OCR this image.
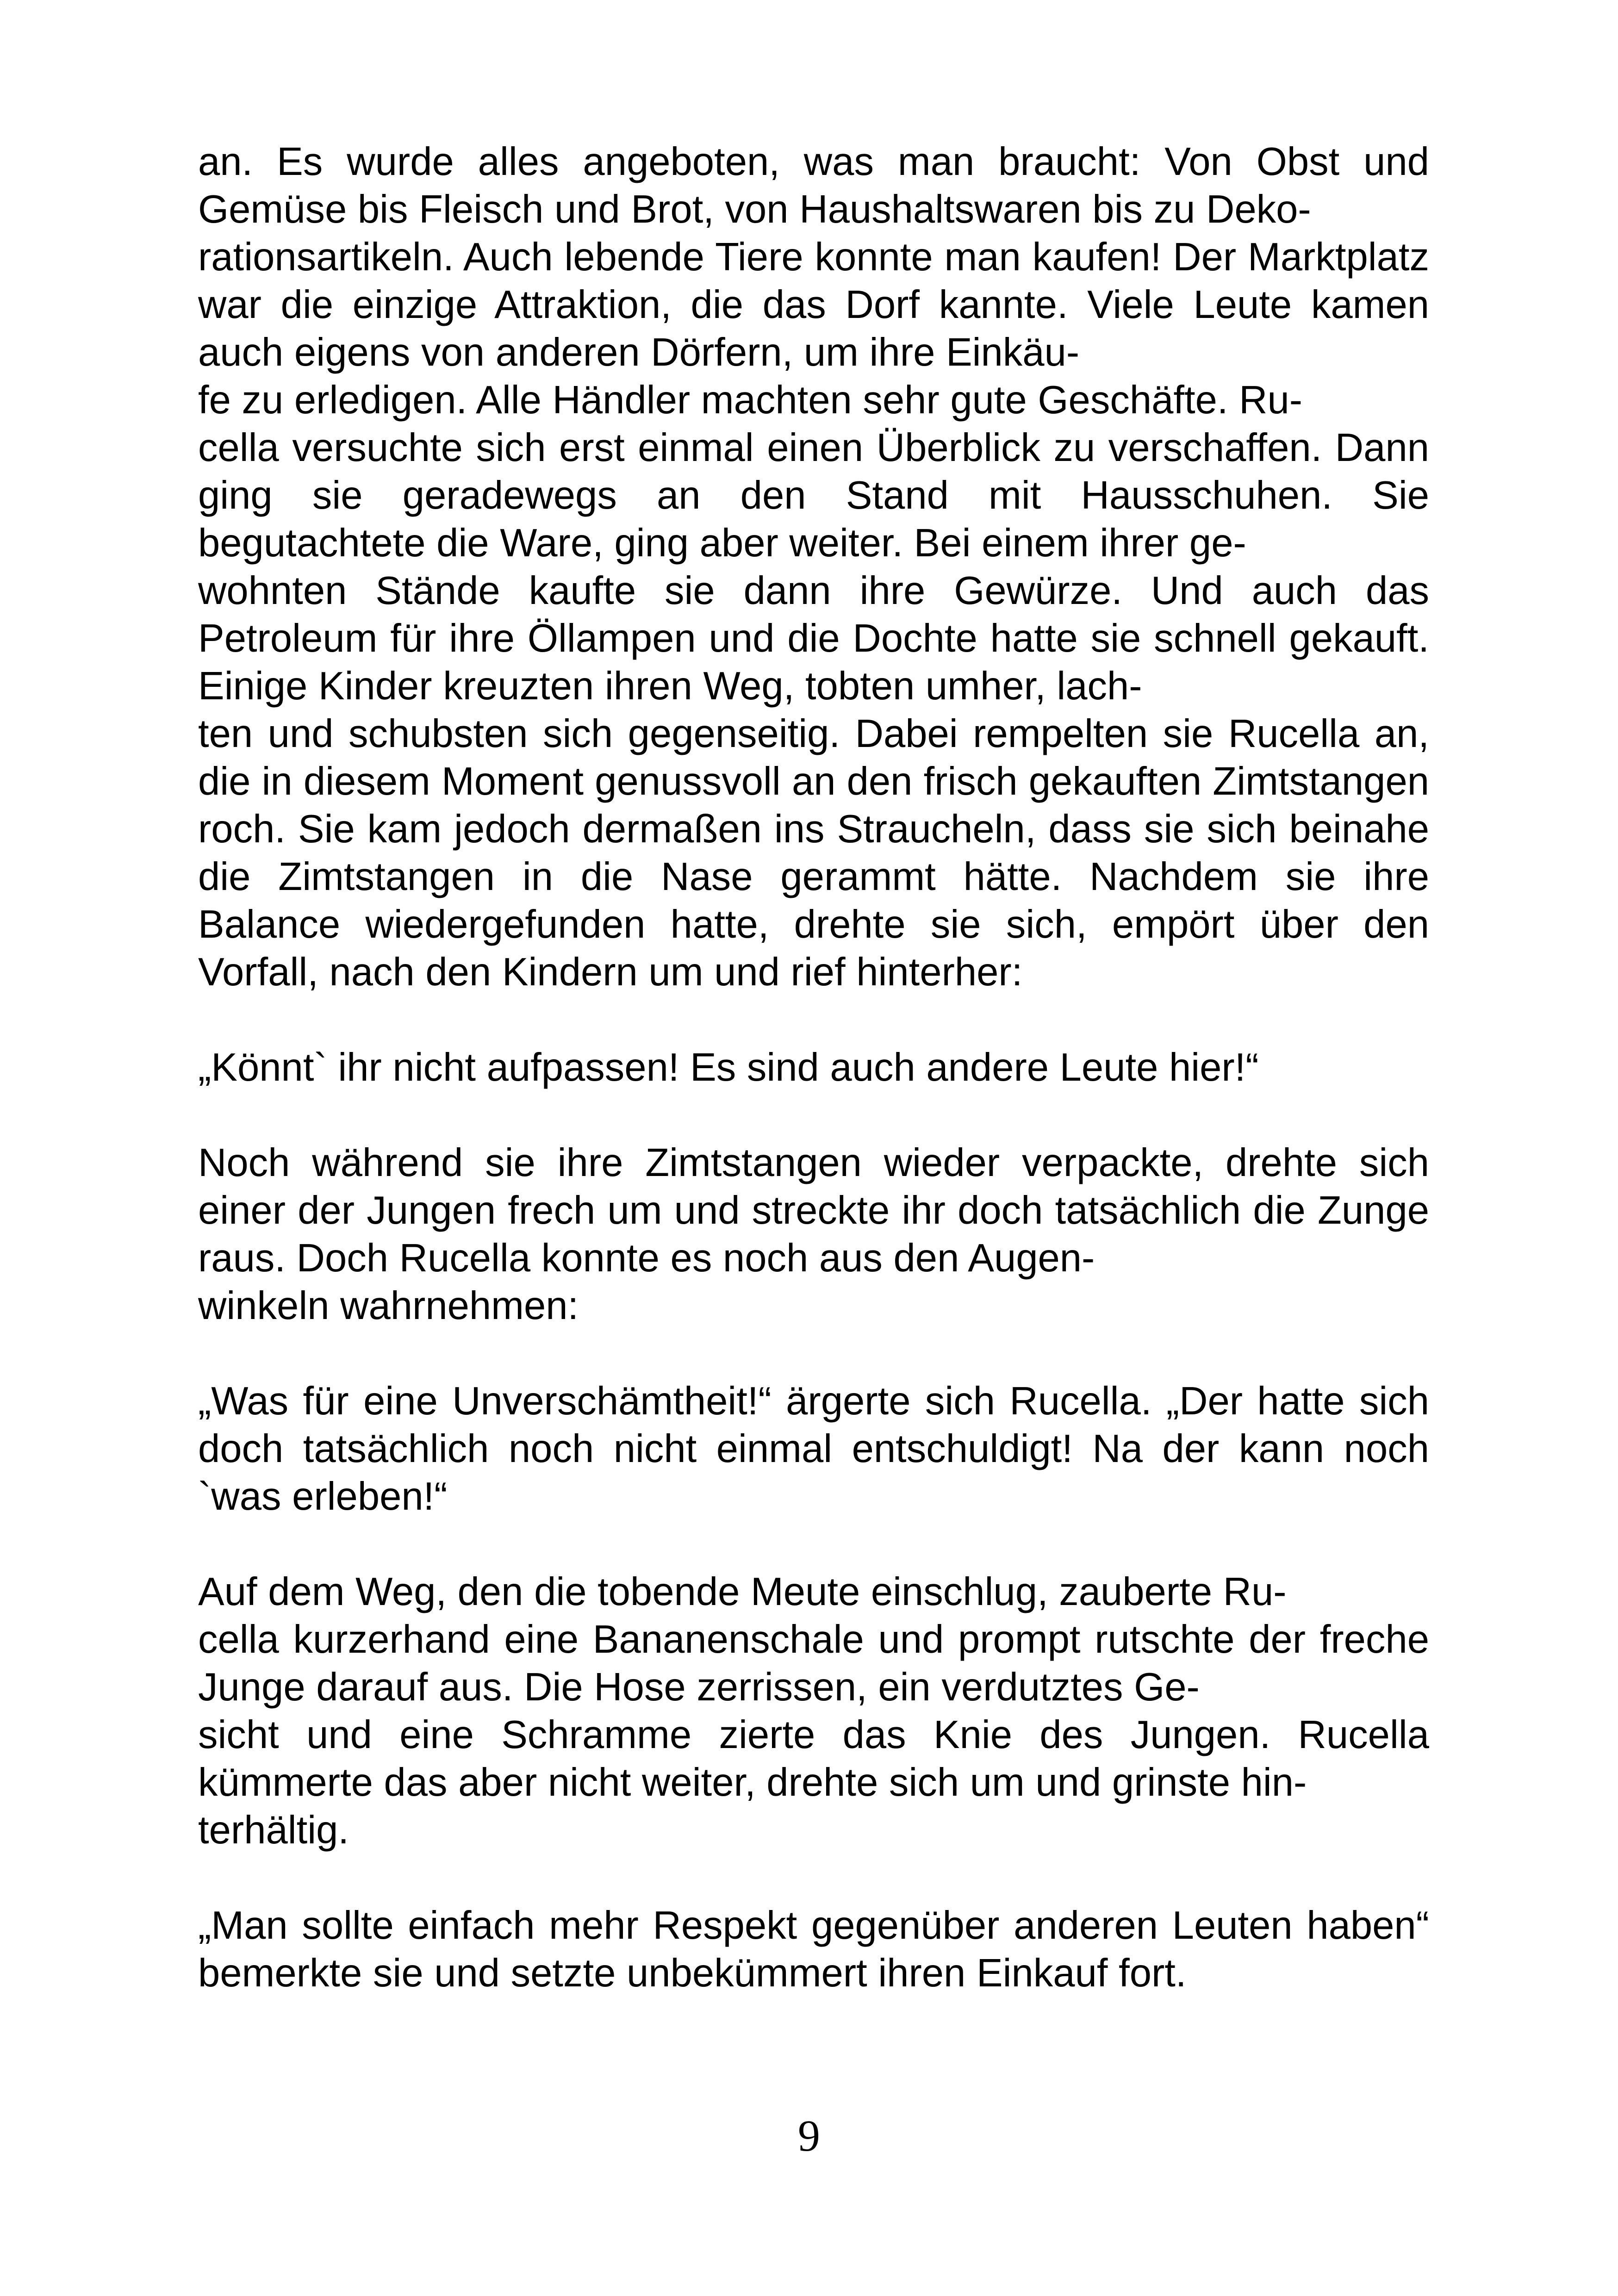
an. Es wurde alles angeboten, was man braucht: Von Obst und Gemüse bis Fleisch und Brot, von Haushaltswaren bis zu Deko-
rationsartikeln. Auch lebende Tiere konnte man kaufen! Der Marktplatz war die einzige Attraktion, die das Dorf kannte. Viele Leute kamen auch eigens von anderen Dörfern, um ihre Einkäu-
fe zu erledigen. Alle Händler machten sehr gute Geschäfte. Ru-
cella versuchte sich erst einmal einen Überblick zu verschaffen. Dann ging sie geradewegs an den Stand mit Hausschuhen. Sie begutachtete die Ware, ging aber weiter. Bei einem ihrer ge-
wohnten Stände kaufte sie dann ihre Gewürze. Und auch das Petroleum für ihre Öllampen und die Dochte hatte sie schnell gekauft. Einige Kinder kreuzten ihren Weg, tobten umher, lach-
ten und schubsten sich gegenseitig. Dabei rempelten sie Rucella an, die in diesem Moment genussvoll an den frisch gekauften Zimtstangen roch. Sie kam jedoch dermaßen ins Straucheln, dass sie sich beinahe die Zimtstangen in die Nase gerammt hätte. Nachdem sie ihre Balance wiedergefunden hatte, drehte sie sich, empört über den Vorfall, nach den Kindern um und rief hinterher:

„Könnt` ihr nicht aufpassen! Es sind auch andere Leute hier!“

Noch während sie ihre Zimtstangen wieder verpackte, drehte sich einer der Jungen frech um und streckte ihr doch tatsächlich die Zunge raus. Doch Rucella konnte es noch aus den Augen-
winkeln wahrnehmen:

„Was für eine Unverschämtheit!“ ärgerte sich Rucella. „Der hatte sich doch tatsächlich noch nicht einmal entschuldigt! Na der kann noch `was erleben!“

Auf dem Weg, den die tobende Meute einschlug, zauberte Ru-
cella kurzerhand eine Bananenschale und prompt rutschte der freche Junge darauf aus. Die Hose zerrissen, ein verdutztes Ge-
sicht und eine Schramme zierte das Knie des Jungen. Rucella kümmerte das aber nicht weiter, drehte sich um und grinste hin-
terhältig.

„Man sollte einfach mehr Respekt gegenüber anderen Leuten haben“ bemerkte sie und setzte unbekümmert ihren Einkauf fort.

9
